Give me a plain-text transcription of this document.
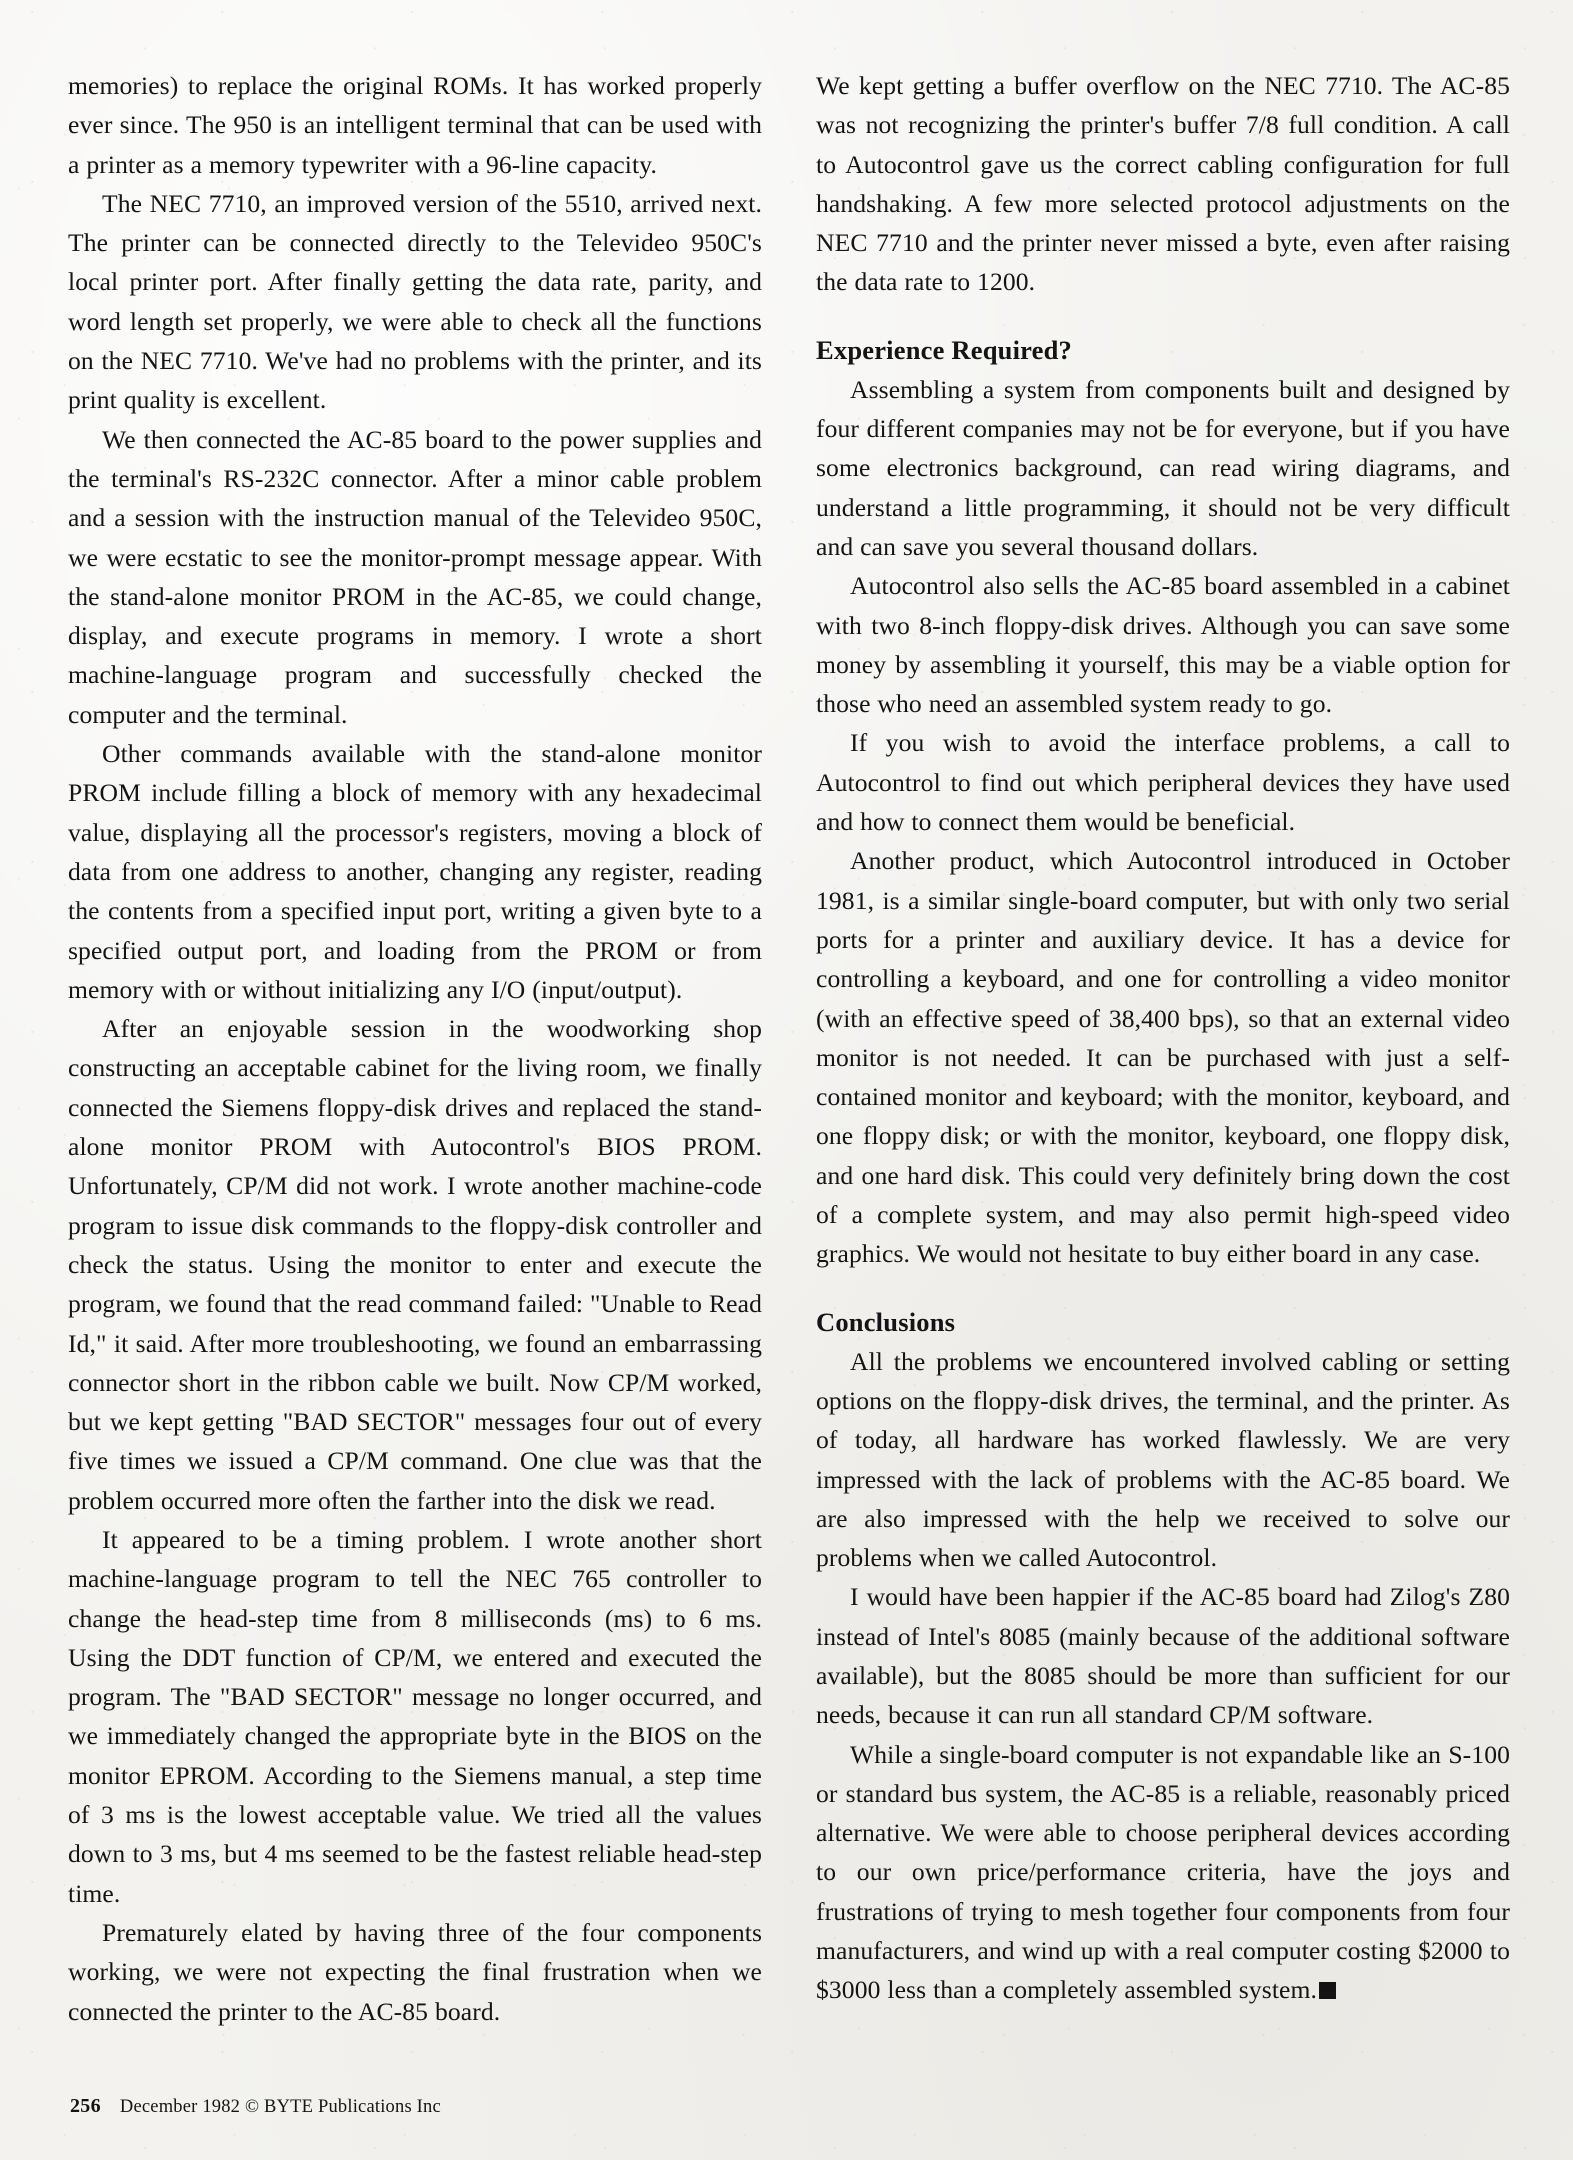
memories) to replace the original ROMs. It has worked properly ever since. The 950 is an intelligent terminal that can be used with a printer as a memory typewriter with a 96-line capacity.

The NEC 7710, an improved version of the 5510, arrived next. The printer can be connected directly to the Televideo 950C's local printer port. After finally getting the data rate, parity, and word length set properly, we were able to check all the functions on the NEC 7710. We've had no problems with the printer, and its print quality is excellent.

We then connected the AC-85 board to the power supplies and the terminal's RS-232C connector. After a minor cable problem and a session with the instruction manual of the Televideo 950C, we were ecstatic to see the monitor-prompt message appear. With the stand-alone monitor PROM in the AC-85, we could change, display, and execute programs in memory. I wrote a short machine-language program and successfully checked the computer and the terminal.

Other commands available with the stand-alone monitor PROM include filling a block of memory with any hexadecimal value, displaying all the processor's registers, moving a block of data from one address to another, changing any register, reading the contents from a specified input port, writing a given byte to a specified output port, and loading from the PROM or from memory with or without initializing any I/O (input/output).

After an enjoyable session in the woodworking shop constructing an acceptable cabinet for the living room, we finally connected the Siemens floppy-disk drives and replaced the stand-alone monitor PROM with Autocontrol's BIOS PROM. Unfortunately, CP/M did not work. I wrote another machine-code program to issue disk commands to the floppy-disk controller and check the status. Using the monitor to enter and execute the program, we found that the read command failed: "Unable to Read Id," it said. After more troubleshooting, we found an embarrassing connector short in the ribbon cable we built. Now CP/M worked, but we kept getting "BAD SECTOR" messages four out of every five times we issued a CP/M command. One clue was that the problem occurred more often the farther into the disk we read.

It appeared to be a timing problem. I wrote another short machine-language program to tell the NEC 765 controller to change the head-step time from 8 milliseconds (ms) to 6 ms. Using the DDT function of CP/M, we entered and executed the program. The "BAD SECTOR" message no longer occurred, and we immediately changed the appropriate byte in the BIOS on the monitor EPROM. According to the Siemens manual, a step time of 3 ms is the lowest acceptable value. We tried all the values down to 3 ms, but 4 ms seemed to be the fastest reliable head-step time.

Prematurely elated by having three of the four components working, we were not expecting the final frustration when we connected the printer to the AC-85 board.

We kept getting a buffer overflow on the NEC 7710. The AC-85 was not recognizing the printer's buffer 7/8 full condition. A call to Autocontrol gave us the correct cabling configuration for full handshaking. A few more selected protocol adjustments on the NEC 7710 and the printer never missed a byte, even after raising the data rate to 1200.

Experience Required?

Assembling a system from components built and designed by four different companies may not be for everyone, but if you have some electronics background, can read wiring diagrams, and understand a little programming, it should not be very difficult and can save you several thousand dollars.

Autocontrol also sells the AC-85 board assembled in a cabinet with two 8-inch floppy-disk drives. Although you can save some money by assembling it yourself, this may be a viable option for those who need an assembled system ready to go.

If you wish to avoid the interface problems, a call to Autocontrol to find out which peripheral devices they have used and how to connect them would be beneficial.

Another product, which Autocontrol introduced in October 1981, is a similar single-board computer, but with only two serial ports for a printer and auxiliary device. It has a device for controlling a keyboard, and one for controlling a video monitor (with an effective speed of 38,400 bps), so that an external video monitor is not needed. It can be purchased with just a self-contained monitor and keyboard; with the monitor, keyboard, and one floppy disk; or with the monitor, keyboard, one floppy disk, and one hard disk. This could very definitely bring down the cost of a complete system, and may also permit high-speed video graphics. We would not hesitate to buy either board in any case.

Conclusions

All the problems we encountered involved cabling or setting options on the floppy-disk drives, the terminal, and the printer. As of today, all hardware has worked flawlessly. We are very impressed with the lack of problems with the AC-85 board. We are also impressed with the help we received to solve our problems when we called Autocontrol.

I would have been happier if the AC-85 board had Zilog's Z80 instead of Intel's 8085 (mainly because of the additional software available), but the 8085 should be more than sufficient for our needs, because it can run all standard CP/M software.

While a single-board computer is not expandable like an S-100 or standard bus system, the AC-85 is a reliable, reasonably priced alternative. We were able to choose peripheral devices according to our own price/performance criteria, have the joys and frustrations of trying to mesh together four components from four manufacturers, and wind up with a real computer costing $2000 to $3000 less than a completely assembled system.

256 December 1982 © BYTE Publications Inc
